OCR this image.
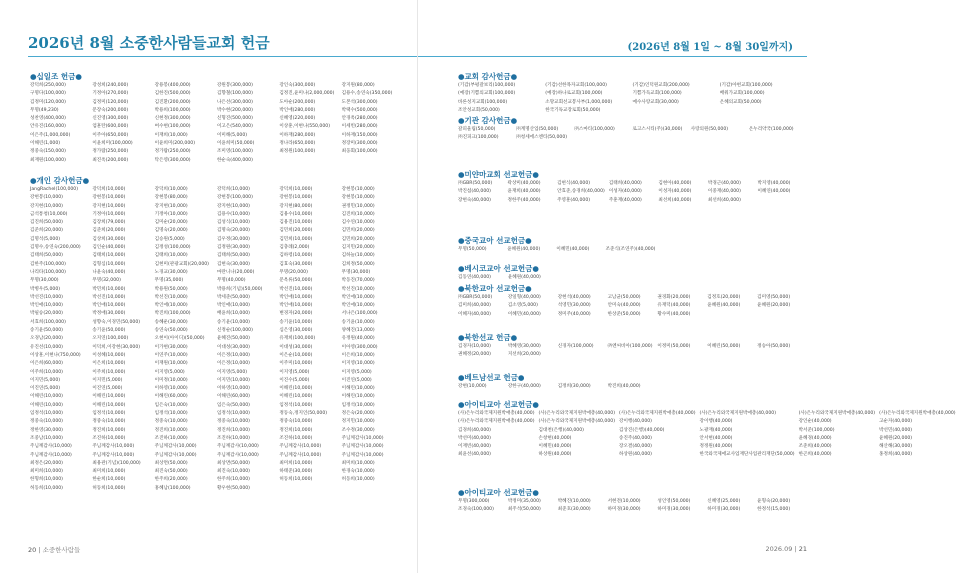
2026년 8월 소중한사람들교회 헌금
●십일조 헌금●
강덕희(250,000)	강성희(240,000)	강용봉(400,000)	강원봉(300,000)	강인숙(300,000)	강지원(80,000)
구명다(100,000)	기정아(270,000)	김한진(500,000)	김향철(100,000)	김정진,윤미나(2,000,000)	김용수,송연숙(350,000)
김정미(120,000)	김정미(120,000)	김진환(200,000)	나은선(300,000)	도아순(200,000)	도본석(300,000)
무명(49,230)	문장숙(200,000)	박용희(100,000)	박수현(200,000)	박인애(280,000)	박택수(500,000)
성찬영(400,000)	신진영(300,000)	신현정(300,000)	신형진(500,000)	신혜영(220,000)	안경옥(280,000)
안유진(160,000)	엄훈탄(600,000)	여수현(100,000)	이고은(540,000)	이상훈,이현나(550,000)	이세빈(280,000)
이은주(1,000,000)	이주아(650,000)	이재희(10,000)	이미해(5,000)	이하재(280,000)	이하재(150,000)
이해린(1,000)	이윤희미(100,000)	이윤희미(200,000)	이윤희미(50,000)	정나라(650,000)	정장미(300,000)
정중숙(150,000)	정가람(250,000)	정가람(250,000)	조미영(100,000)	최정원(100,000)	최웅회(100,000)
최재원(100,000)	최진옥(200,000)	탁은영(300,000)	한순숙(400,000)
●개인 감사헌금●
JangRachel(100,000)	강덕희(10,000)	강덕희(10,000)	강덕희(10,000)	강덕희(10,000)	강현봉(10,000)
강현봉(10,000)	강현봉(10,000)	강현봉(80,000)	강현봉(100,000)	강현봉(10,000)	강현봉(10,000)
강지현(10,000)	강지현(10,000)	강지현(10,000)	강지현(10,000)	강지현(80,000)	권정민(10,000)
금석통청(10,000)	기정아(10,000)	기정아(10,000)	김용수(10,000)	김용수(10,000)	김진희(10,000)
김진희(50,000)	김장희(79,000)	김미순(20,000)	김성식(10,000)	김용진(10,000)	김수연(10,000)
김준희(20,000)	김준희(20,000)	김명숙(20,000)	김명숙(20,000)	김민희(20,000)	김민희(20,000)
김명석(5,000)	김상희(30,000)	김승원(5,000)	김우정(30,000)	김민희(10,000)	김민희(20,000)
김명수,송연숙(200,000)	김인순(40,000)	김정성(100,000)	김정원(30,000)	김충례(2,000)	김지민(20,000)
김태희(50,000)	김태희(10,000)	김태희(10,000)	김태희(50,000)	김하령(10,000)	김하늘(10,000)
김한주(100,000)	김형심(10,000)	김현미(관광교회)(20,000)	김현숙(30,000)	김효숙(30,000)	김희정(50,000)
나리타(100,000)	나윤숙(40,000)	노경교(30,000)	마란니나(20,000)	무명(20,000)	무명(30,000)
무명(30,000)	무명(32,000)	무명(35,000)	무명(40,000)	문옥류(50,000)	박동진(70,000)
박병우(5,000)	박민희(10,000)	박용원(50,000)	박용희(기념)(50,000)	박선진(10,000)	박선진(10,000)
박선진(10,000)	박선진(10,000)	박선진(10,000)	박세준(50,000)	박인애(10,000)	박인애(10,000)
박인애(10,000)	박인애(10,000)	박인애(10,000)	박인애(10,000)	박인애(10,000)	박인애(10,000)
박필승(20,000)	박정애(30,000)	박진희(100,000)	배윤희(10,000)	변경자(20,000)	서나은(100,000)
서효희(100,000)	성향숙,이경민(50,000)	송혜운(30,000)	송기윤(10,000)	송기윤(10,000)	송기윤(10,000)
송기윤(50,000)	송기윤(50,000)	송연숙(50,000)	신정순(100,000)	심은영(30,000)	양혜진(13,000)
오경남(20,000)	오지연(100,000)	오현이(아이디)(50,000)	윤혜진(50,000)	유재희(100,000)	유정원(40,000)
유진선(10,000)	이덕희,이강현(30,000)	이가현(30,000)	이대성(30,000)	이대성(30,000)	이아영(300,000)
이상훈,이현나(750,000)	이성혜(10,000)	이연주(10,000)	이은정(10,000)	이은순(10,000)	이은희(10,000)
이은희(60,000)	이은희(10,000)	이재원(10,000)	이은정(10,000)	이주미(10,000)	이지영(10,000)
이주희(10,000)	이주희(10,000)	이지영(5,000)	이지영(5,000)	이지영(5,000)	이지영(5,000)
이지민(5,000)	이지민(5,000)	이미정(10,000)	이지민(10,000)	이진수(5,000)	이진연(5,000)
이진연(5,000)	이진연(5,000)	이하영(10,000)	이하영(10,000)	이해린(10,000)	이해린(10,000)
이해린(10,000)	이해린(10,000)	이해린(60,000)	이해린(60,000)	이해린(10,000)	이해린(10,000)
이해린(10,000)	이해린(10,000)	임은숙(10,000)	임은숙(50,000)	임정석(10,000)	임정석(10,000)
임정석(10,000)	임정석(10,000)	임정석(10,000)	임정석(10,000)	정동숙,정지인(50,000)	정은숙(20,000)
정중숙(10,000)	정중숙(10,000)	정중숙(10,000)	정중숙(10,000)	정중숙(10,000)	정지민(10,000)
정한영(30,000)	정진희(10,000)	정진희(10,000)	정진희(10,000)	정진희(10,000)	조수정(30,000)
조중남(10,000)	조진하(10,000)	조진하(10,000)	조진하(10,000)	조진하(10,000)	주님께감사(10,000)
주님께감사(10,000)	주님께감사(10,000)	주님께감사(10,000)	주님께감사(10,000)	주님께감사(10,000)	주님께감사(10,000)
주님께감사(10,000)	주님께감사(10,000)	주님께감사(10,000)	주님께감사(10,000)	주님께감사(10,000)	주님께감사(10,000)
최정은(20,000)	최용관(기념)(100,000)	최상면(50,000)	최상면(50,000)	최미희(10,000)	최미희(10,000)
최미희(10,000)	최미희(10,000)	최진숙(50,000)	최진숙(10,000)	하태준(30,000)	한경숙(10,000)
한형희(10,000)	한순희(10,000)	한주희(20,000)	한주희(10,000)	허동희(10,000)	허동희(10,000)
허동희(10,000)	허동희(10,000)	홍혜남(100,000)	황우현(50,000)
20 | 소중한사람들
(2026년 8월 1일 ~ 8월 30일까지)
●교회 감사헌금●
(기감)부평갈보리(100,000)	(기감)선한목자교회(100,000)	(기감)인덕원교회(200,000)	(기감)아현교회(100,000)
(예장)기쁨의교회(100,000)	(예장)하나로교회(100,000)	기쁨가득교회(100,000)	배워가교회(100,000)
바른성지교회(100,000)	소망교회선교봉사부(1,000,000)	예수사랑교회(30,000)	온혜의교회(50,000)
조안성교회(50,000)	한국기독교장로회(50,000)
●기관 감사헌금●
갈피울림(50,000)	㈜계명산업(50,000)	㈜스마티(100,000)	로고스시티(주)(30,000)	사랑의원(50,000)	온누리약국(100,000)
㈜진피크(100,000)	㈜청세에스엔티(50,000)
●미얀마교회 선교헌금●
㈜GBR(50,000)	곽상미(40,000)	김현식(40,000)	김태희(40,000)	김현아(40,000)	박경근(40,000)	박지영(40,000)
박진섭(40,000)	윤재희(40,000)	안효준,송경희(40,000) 이성자(40,000)	이성자(40,000)	이중재(40,000)	이혜연(40,000)
장현숙(40,000)	정한주(40,000)	주영훈(40,000)	주훈재(40,000)	최선희(40,000)	최선희(40,000)
●중국교아 선교헌금●
무명(50,000)	윤혜원(40,000)	이혜민(40,000)	조준식(조연주)(40,000)
●베시코교아 선교헌금●
김동연(40,000)	윤혜원(40,000)
●북한교아 선교헌금●
㈜GBR(50,000)	강일형(40,000)	강현석(40,000)	고남균(50,000)	권경화(20,000)	김정호(20,000)	김미영(50,000)
김미희(40,000)	김소영(5,000)	석영민(30,000)	안미숙(40,000)	유재덕(40,000)	윤혜원(40,000)	윤혜원(20,000)
이혜자(40,000)	이혜민(40,000)	정미주(40,000)	한상준(50,000)	황수미(40,000)
●북한선교 헌금●
김경자(10,000)	박혜영(30,000)	신경자(100,000)	㈜엔씨비아(100,000) 이정미(50,000)	이혜린(50,000)	정승아(50,000)
권혜정(20,000)	지선희(20,000)
●베트남선교 헌금●
강현(10,000)	강한구(40,000)	김정희(30,000)	박진희(40,000)
●아이티교아 선교헌금●
(사)은누리와국제지원박애총(40,000) (사)은누리와국제지원박애총(40,000) (사)은누리와국제지원박애총(40,000) (사)은누리와국제지원박애총(40,000)	(사)은누리와국제지원박애총(40,000) (사)은누리와국제지원박애총(40,000)
(사)은누리와국제지원박애총(40,000) (사)은누리와국제지원박애총(40,000) 강이행(40,000)	강이행(40,000)	강인순(40,000)	고순자(40,000)
김경희(40,000)	김대천(은행)(40,000)	김상진(은행)(40,000)	노광재(40,000)	박서준(100,000)	박선민(40,000)
박선미(40,000)	손창현(40,000)	송진주(40,000)	안서현(40,000)	윤혜경(40,000)	윤혜원(20,000)
이재빈(40,000)	이혜민(40,000)	장오결(40,000)	정정원(40,000)	조준희(40,000)	해산해(30,000)
최윤선(40,000)	하상원(40,000)	하상원(40,000)	한국와국제애교사업재단사업관리재단(50,000) 한곤희(40,000)	홍정희(40,000)
●아이티교아 선교헌금●
무명(300,000)	박정미(35,000)	박혜진(10,000)	서현전(10,000)	성인영(50,000)	신혜영(25,000)	윤형숙(20,000)
조경숙(100,000)	최주석(50,000)	최준호(30,000)	하미경(30,000)	하미경(30,000)	하미경(30,000)	한정석(15,000)
2026.09 | 21
